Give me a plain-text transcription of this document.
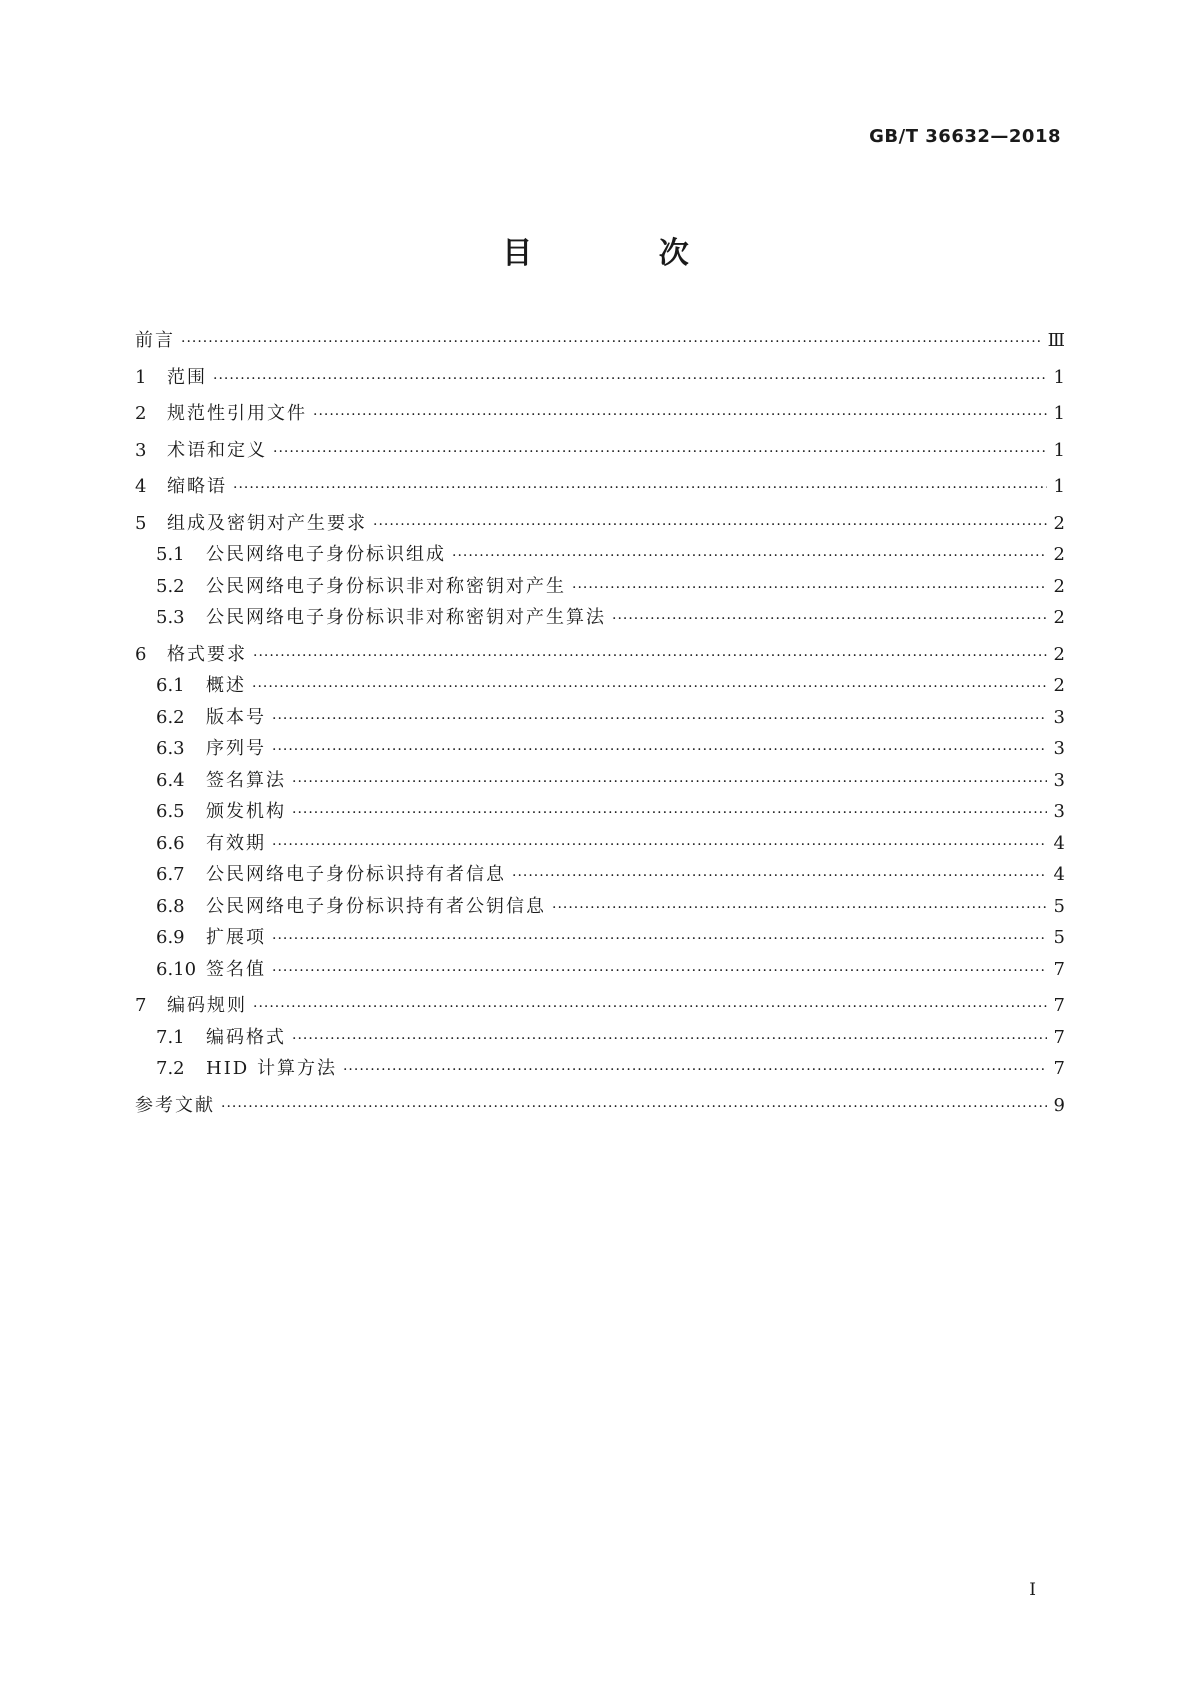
GB/T 36632—2018
目 次
前言 ·····	Ⅲ
1	范围 ·····	1
2	规范性引用文件 ·····	1
3	术语和定义 ·····	1
4	缩略语 ·····	1
5	组成及密钥对产生要求 ·····	2
5.1	公民网络电子身份标识组成 ·····	2
5.2	公民网络电子身份标识非对称密钥对产生 ·····	2
5.3	公民网络电子身份标识非对称密钥对产生算法 ·····	2
6	格式要求 ·····	2
6.1	概述 ·····	2
6.2	版本号 ·····	3
6.3	序列号 ·····	3
6.4	签名算法 ·····	3
6.5	颁发机构 ·····	3
6.6	有效期 ·····	4
6.7	公民网络电子身份标识持有者信息 ·····	4
6.8	公民网络电子身份标识持有者公钥信息 ·····	5
6.9	扩展项 ·····	5
6.10 签名值 ·····	7
7	编码规则 ·····	7
7.1	编码格式 ·····	7
7.2	HID 计算方法 ·····	7
参考文献 ·····	9
I
